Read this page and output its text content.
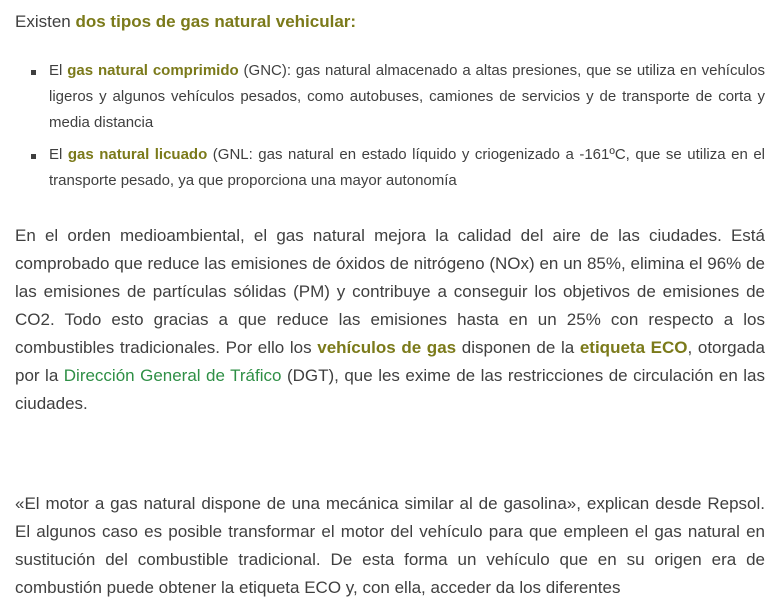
Existen dos tipos de gas natural vehicular:

El gas natural comprimido (GNC): gas natural almacenado a altas presiones, que se utiliza en vehículos ligeros y algunos vehículos pesados, como autobuses, camiones de servicios y de transporte de corta y media distancia
El gas natural licuado (GNL: gas natural en estado líquido y criogenizado a -161ºC, que se utiliza en el transporte pesado, ya que proporciona una mayor autonomía

En el orden medioambiental, el gas natural mejora la calidad del aire de las ciudades. Está comprobado que reduce las emisiones de óxidos de nitrógeno (NOx) en un 85%, elimina el 96% de las emisiones de partículas sólidas (PM) y contribuye a conseguir los objetivos de emisiones de CO2. Todo esto gracias a que reduce las emisiones hasta en un 25% con respecto a los combustibles tradicionales. Por ello los vehículos de gas disponen de la etiqueta ECO, otorgada por la Dirección General de Tráfico (DGT), que les exime de las restricciones de circulación en las ciudades.

«El motor a gas natural dispone de una mecánica similar al de gasolina», explican desde Repsol. El algunos caso es posible transformar el motor del vehículo para que empleen el gas natural en sustitución del combustible tradicional. De esta forma un vehículo que en su origen era de combustión puede obtener la etiqueta ECO y, con ella, acceder da los diferentes
